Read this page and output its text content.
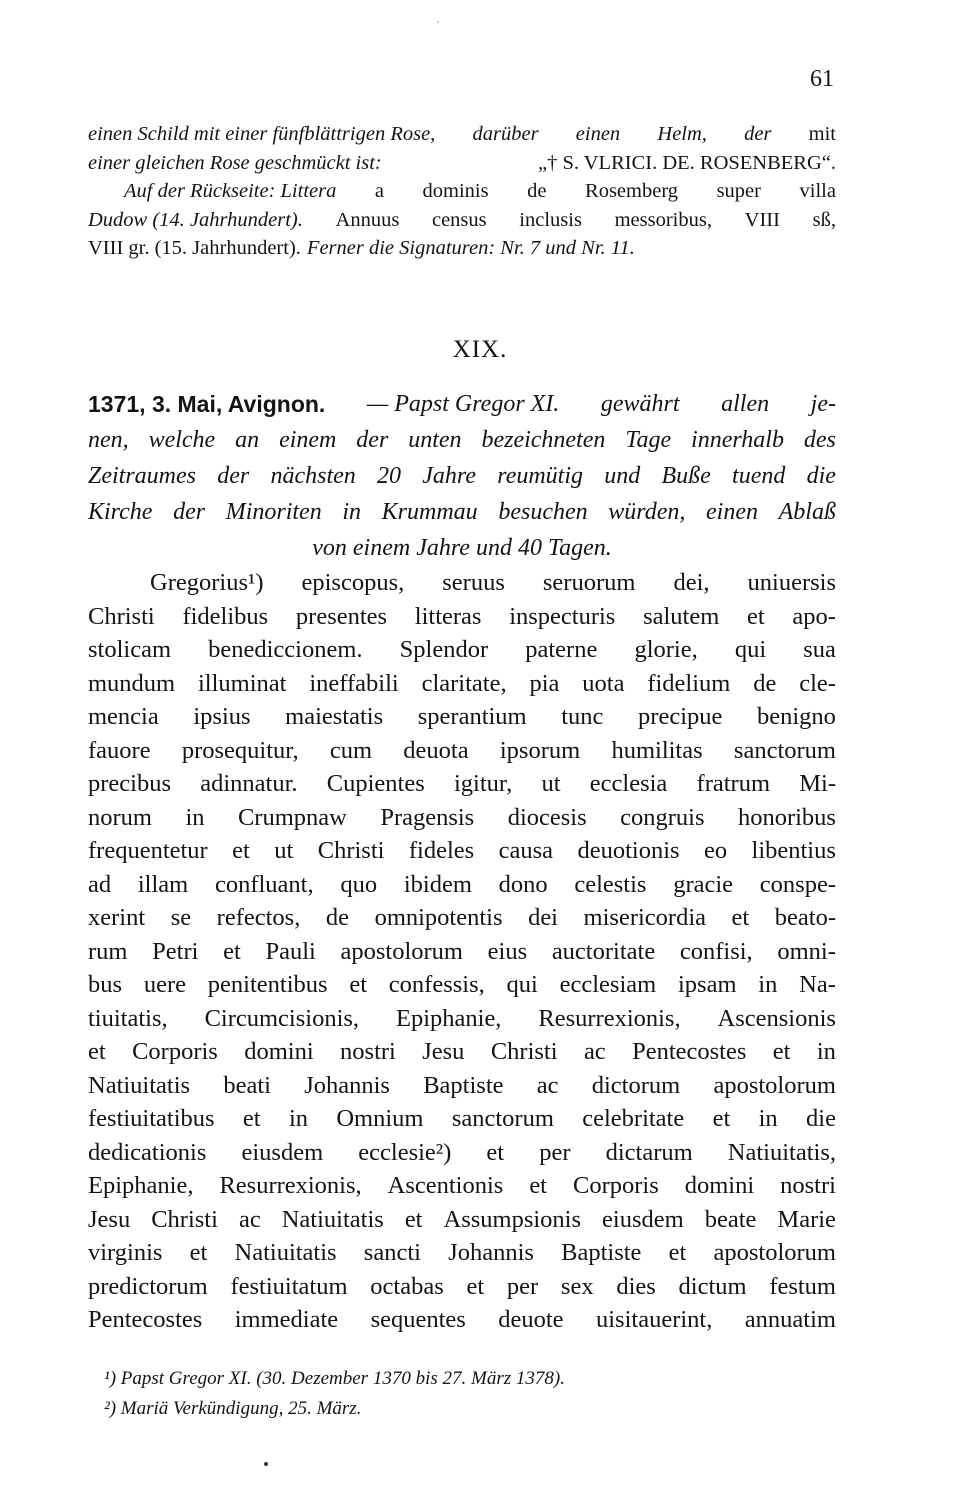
˙
61
einen Schild mit einer fünfblättrigen Rose, darüber einen Helm, der mit
einer gleichen Rose geschmückt ist:	„† S. VLRICI. DE. ROSENBERG“.
Auf der Rückseite: Littera a dominis de Rosemberg super villa
Dudow (14. Jahrhundert). Annuus census inclusis messoribus, VIII sß,
VIII gr. (15. Jahrhundert). Ferner die Signaturen: Nr. 7 und Nr. 11.
XIX.
1371, 3. Mai, Avignon. — Papst Gregor XI. gewährt allen je-
nen, welche an einem der unten bezeichneten Tage innerhalb des
Zeitraumes der nächsten 20 Jahre reumütig und Buße tuend die
Kirche der Minoriten in Krummau besuchen würden, einen Ablaß
von einem Jahre und 40 Tagen.
Gregorius¹) episcopus, seruus seruorum dei, uniuersis
Christi fidelibus presentes litteras inspecturis salutem et apo-
stolicam benediccionem. Splendor paterne glorie, qui sua
mundum illuminat ineffabili claritate, pia uota fidelium de cle-
mencia ipsius maiestatis sperantium tunc precipue benigno
fauore prosequitur, cum deuota ipsorum humilitas sanctorum
precibus adinnatur. Cupientes igitur, ut ecclesia fratrum Mi-
norum in Crumpnaw Pragensis diocesis congruis honoribus
frequentetur et ut Christi fideles causa deuotionis eo libentius
ad illam confluant, quo ibidem dono celestis gracie conspe-
xerint se refectos, de omnipotentis dei misericordia et beato-
rum Petri et Pauli apostolorum eius auctoritate confisi, omni-
bus uere penitentibus et confessis, qui ecclesiam ipsam in Na-
tiuitatis, Circumcisionis, Epiphanie, Resurrexionis, Ascensionis
et Corporis domini nostri Jesu Christi ac Pentecostes et in
Natiuitatis beati Johannis Baptiste ac dictorum apostolorum
festiuitatibus et in Omnium sanctorum celebritate et in die
dedicationis eiusdem ecclesie²) et per dictarum Natiuitatis,
Epiphanie, Resurrexionis, Ascentionis et Corporis domini nostri
Jesu Christi ac Natiuitatis et Assumpsionis eiusdem beate Marie
virginis et Natiuitatis sancti Johannis Baptiste et apostolorum
predictorum festiuitatum octabas et per sex dies dictum festum
Pentecostes immediate sequentes deuote uisitauerint, annuatim
¹) Papst Gregor XI. (30. Dezember 1370 bis 27. März 1378).
²) Mariä Verkündigung, 25. März.
